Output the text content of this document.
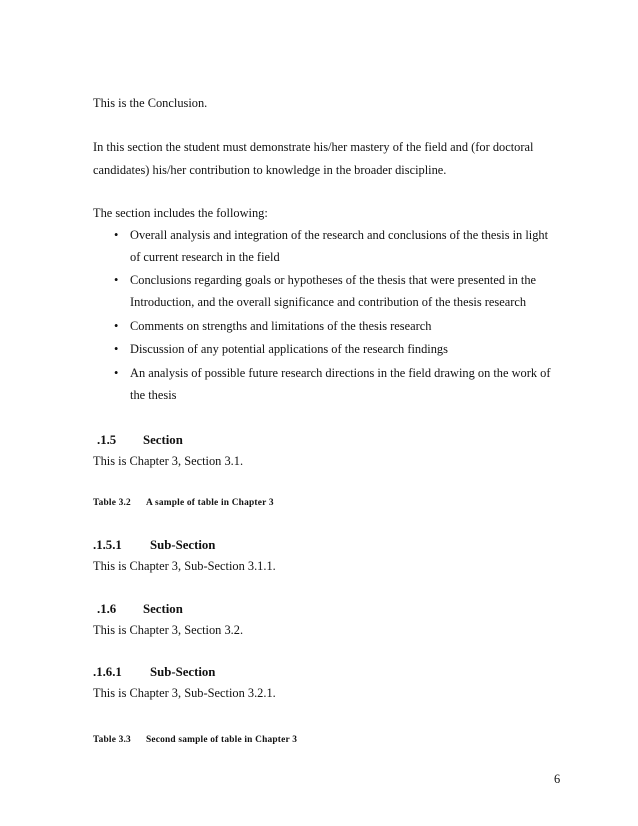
This is the Conclusion.
In this section the student must demonstrate his/her mastery of the field and (for doctoral
candidates) his/her contribution to knowledge in the broader discipline.
The section includes the following:
• Overall analysis and integration of the research and conclusions of the thesis in light
of current research in the field
• Conclusions regarding goals or hypotheses of the thesis that were presented in the
Introduction, and the overall significance and contribution of the thesis research
• Comments on strengths and limitations of the thesis research
• Discussion of any potential applications of the research findings
• An analysis of possible future research directions in the field drawing on the work of
the thesis
.1.5 Section
This is Chapter 3, Section 3.1.
Table 3.2 A sample of table in Chapter 3
.1.5.1 Sub-Section
This is Chapter 3, Sub-Section 3.1.1.
.1.6 Section
This is Chapter 3, Section 3.2.
.1.6.1 Sub-Section
This is Chapter 3, Sub-Section 3.2.1.
Table 3.3 Second sample of table in Chapter 3
6
